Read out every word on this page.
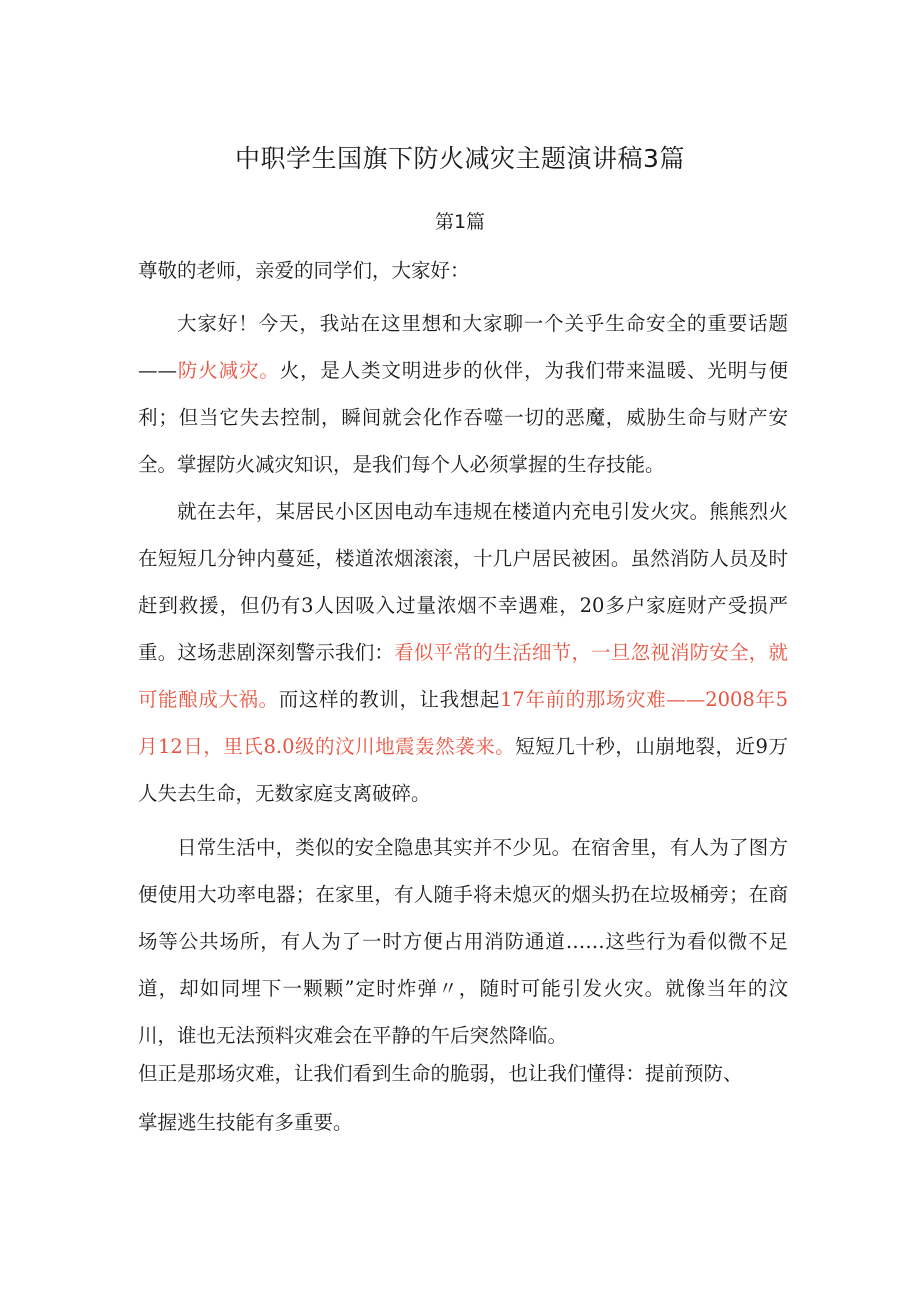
中职学生国旗下防火减灾主题演讲稿3篇
第1篇
尊敬的老师，亲爱的同学们，大家好：

大家好！今天，我站在这里想和大家聊一个关乎生命安全的重要话题——防火减灾。火，是人类文明进步的伙伴，为我们带来温暖、光明与便利；但当它失去控制，瞬间就会化作吞噬一切的恶魔，威胁生命与财产安全。掌握防火减灾知识，是我们每个人必须掌握的生存技能。

就在去年，某居民小区因电动车违规在楼道内充电引发火灾。熊熊烈火在短短几分钟内蔓延，楼道浓烟滚滚，十几户居民被困。虽然消防人员及时赶到救援，但仍有3人因吸入过量浓烟不幸遇难，20多户家庭财产受损严重。这场悲剧深刻警示我们：看似平常的生活细节，一旦忽视消防安全，就可能酿成大祸。而这样的教训，让我想起17年前的那场灾难——2008年5月12日，里氏8.0级的汶川地震轰然袭来。短短几十秒，山崩地裂，近9万人失去生命，无数家庭支离破碎。

日常生活中，类似的安全隐患其实并不少见。在宿舍里，有人为了图方便使用大功率电器；在家里，有人随手将未熄灭的烟头扔在垃圾桶旁；在商场等公共场所，有人为了一时方便占用消防通道……这些行为看似微不足道，却如同埋下一颗颗”定时炸弹〃，随时可能引发火灾。就像当年的汶川，谁也无法预料灾难会在平静的午后突然降临。

但正是那场灾难，让我们看到生命的脆弱，也让我们懂得：提前预防、
掌握逃生技能有多重要。
